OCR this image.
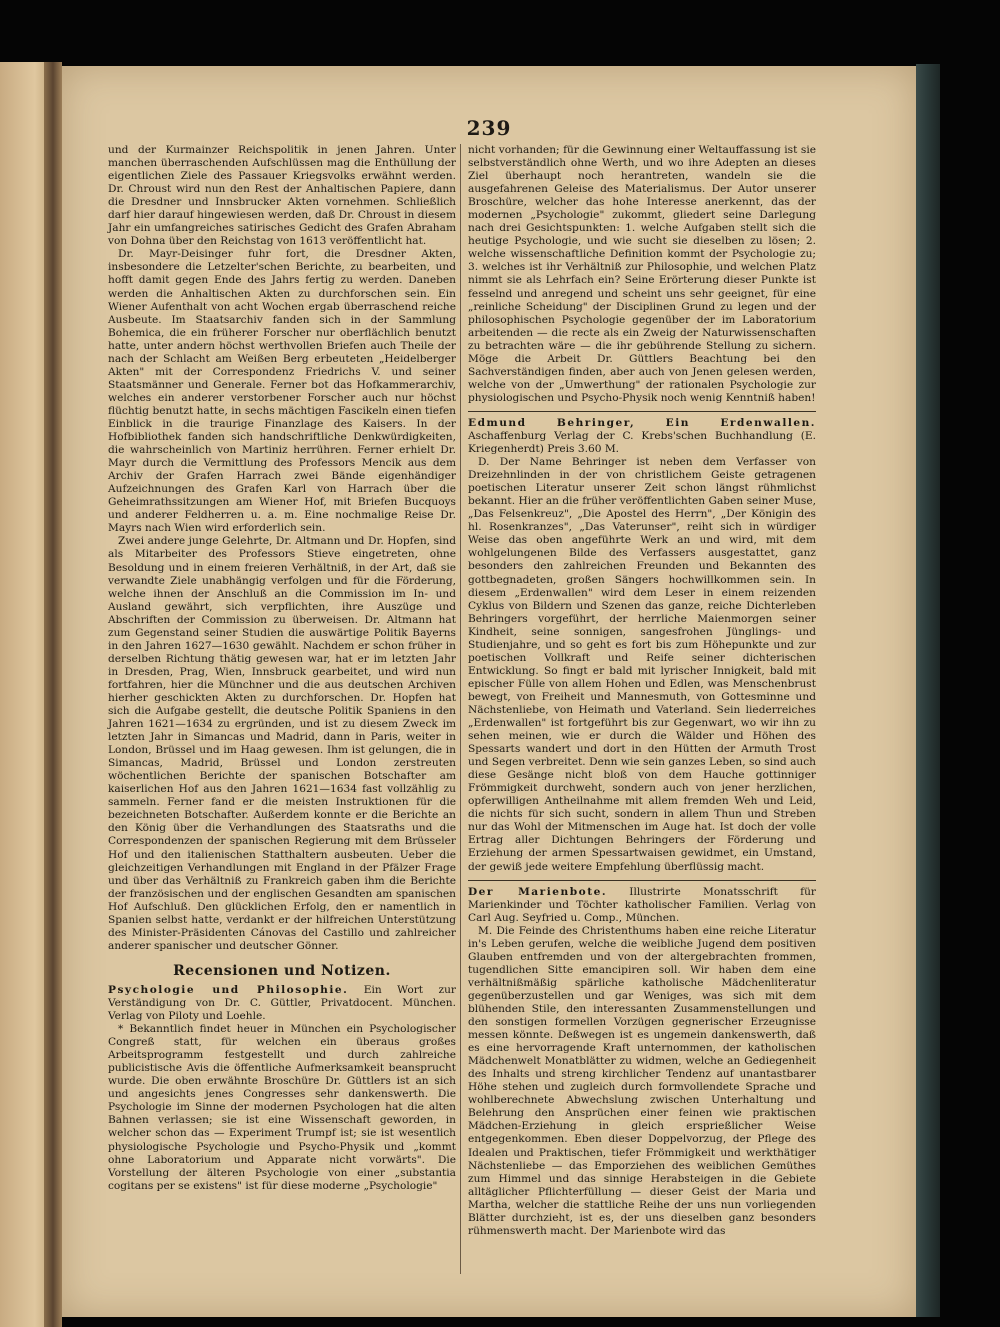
239

und der Kurmainzer Reichspolitik in jenen Jahren. Unter manchen überraschenden Aufschlüssen mag die Enthüllung der eigentlichen Ziele des Passauer Kriegsvolks erwähnt werden. Dr. Chroust wird nun den Rest der Anhaltischen Papiere, dann die Dresdner und Innsbrucker Akten vornehmen. Schließlich darf hier darauf hingewiesen werden, daß Dr. Chroust in diesem Jahr ein umfangreiches satirisches Gedicht des Grafen Abraham von Dohna über den Reichstag von 1613 veröffentlicht hat.

Dr. Mayr-Deisinger fuhr fort, die Dresdner Akten, insbesondere die Letzelter'schen Berichte, zu bearbeiten, und hofft damit gegen Ende des Jahrs fertig zu werden. Daneben werden die Anhaltischen Akten zu durchforschen sein. Ein Wiener Aufenthalt von acht Wochen ergab überraschend reiche Ausbeute. Im Staatsarchiv fanden sich in der Sammlung Bohemica, die ein früherer Forscher nur oberflächlich benutzt hatte, unter andern höchst werthvollen Briefen auch Theile der nach der Schlacht am Weißen Berg erbeuteten „Heidelberger Akten" mit der Correspondenz Friedrichs V. und seiner Staatsmänner und Generale. Ferner bot das Hofkammerarchiv, welches ein anderer verstorbener Forscher auch nur höchst flüchtig benutzt hatte, in sechs mächtigen Fascikeln einen tiefen Einblick in die traurige Finanzlage des Kaisers. In der Hofbibliothek fanden sich handschriftliche Denkwürdigkeiten, die wahrscheinlich von Martiniz herrühren. Ferner erhielt Dr. Mayr durch die Vermittlung des Professors Mencik aus dem Archiv der Grafen Harrach zwei Bände eigenhändiger Aufzeichnungen des Grafen Karl von Harrach über die Geheimrathssitzungen am Wiener Hof, mit Briefen Bucquoys und anderer Feldherren u. a. m. Eine nochmalige Reise Dr. Mayrs nach Wien wird erforderlich sein.

Zwei andere junge Gelehrte, Dr. Altmann und Dr. Hopfen, sind als Mitarbeiter des Professors Stieve eingetreten, ohne Besoldung und in einem freieren Verhältniß, in der Art, daß sie verwandte Ziele unabhängig verfolgen und für die Förderung, welche ihnen der Anschluß an die Commission im In- und Ausland gewährt, sich verpflichten, ihre Auszüge und Abschriften der Commission zu überweisen. Dr. Altmann hat zum Gegenstand seiner Studien die auswärtige Politik Bayerns in den Jahren 1627—1630 gewählt. Nachdem er schon früher in derselben Richtung thätig gewesen war, hat er im letzten Jahr in Dresden, Prag, Wien, Innsbruck gearbeitet, und wird nun fortfahren, hier die Münchner und die aus deutschen Archiven hierher geschickten Akten zu durchforschen. Dr. Hopfen hat sich die Aufgabe gestellt, die deutsche Politik Spaniens in den Jahren 1621—1634 zu ergründen, und ist zu diesem Zweck im letzten Jahr in Simancas und Madrid, dann in Paris, weiter in London, Brüssel und im Haag gewesen. Ihm ist gelungen, die in Simancas, Madrid, Brüssel und London zerstreuten wöchentlichen Berichte der spanischen Botschafter am kaiserlichen Hof aus den Jahren 1621—1634 fast vollzählig zu sammeln. Ferner fand er die meisten Instruktionen für die bezeichneten Botschafter. Außerdem konnte er die Berichte an den König über die Verhandlungen des Staatsraths und die Correspondenzen der spanischen Regierung mit dem Brüsseler Hof und den italienischen Statthaltern ausbeuten. Ueber die gleichzeitigen Verhandlungen mit England in der Pfälzer Frage und über das Verhältniß zu Frankreich gaben ihm die Berichte der französischen und der englischen Gesandten am spanischen Hof Aufschluß. Den glücklichen Erfolg, den er namentlich in Spanien selbst hatte, verdankt er der hilfreichen Unterstützung des Minister-Präsidenten Cánovas del Castillo und zahlreicher anderer spanischer und deutscher Gönner.

Recensionen und Notizen.
Psychologie und Philosophie. Ein Wort zur Verständigung von Dr. C. Güttler, Privatdocent. München. Verlag von Piloty und Loehle.

* Bekanntlich findet heuer in München ein Psychologischer Congreß statt, für welchen ein überaus großes Arbeitsprogramm festgestellt und durch zahlreiche publicistische Avis die öffentliche Aufmerksamkeit beansprucht wurde. Die oben erwähnte Broschüre Dr. Güttlers ist an sich und angesichts jenes Congresses sehr dankenswerth. Die Psychologie im Sinne der modernen Psychologen hat die alten Bahnen verlassen; sie ist eine Wissenschaft geworden, in welcher schon das — Experiment Trumpf ist; sie ist wesentlich physiologische Psychologie und Psycho-Physik und „kommt ohne Laboratorium und Apparate nicht vorwärts". Die Vorstellung der älteren Psychologie von einer „substantia cogitans per se existens" ist für diese moderne „Psychologie"

nicht vorhanden; für die Gewinnung einer Weltauffassung ist sie selbstverständlich ohne Werth, und wo ihre Adepten an dieses Ziel überhaupt noch herantreten, wandeln sie die ausgefahrenen Geleise des Materialismus. Der Autor unserer Broschüre, welcher das hohe Interesse anerkennt, das der modernen „Psychologie" zukommt, gliedert seine Darlegung nach drei Gesichtspunkten: 1. welche Aufgaben stellt sich die heutige Psychologie, und wie sucht sie dieselben zu lösen; 2. welche wissenschaftliche Definition kommt der Psychologie zu; 3. welches ist ihr Verhältniß zur Philosophie, und welchen Platz nimmt sie als Lehrfach ein? Seine Erörterung dieser Punkte ist fesselnd und anregend und scheint uns sehr geeignet, für eine „reinliche Scheidung" der Disciplinen Grund zu legen und der philosophischen Psychologie gegenüber der im Laboratorium arbeitenden — die recte als ein Zweig der Naturwissenschaften zu betrachten wäre — die ihr gebührende Stellung zu sichern. Möge die Arbeit Dr. Güttlers Beachtung bei den Sachverständigen finden, aber auch von Jenen gelesen werden, welche von der „Umwerthung" der rationalen Psychologie zur physiologischen und Psycho-Physik noch wenig Kenntniß haben!

Edmund Behringer, Ein Erdenwallen. Aschaffenburg Verlag der C. Krebs'schen Buchhandlung (E. Kriegenherdt) Preis 3.60 M.

D. Der Name Behringer ist neben dem Verfasser von Dreizehnlinden in der von christlichem Geiste getragenen poetischen Literatur unserer Zeit schon längst rühmlichst bekannt. Hier an die früher veröffentlichten Gaben seiner Muse, „Das Felsenkreuz", „Die Apostel des Herrn", „Der Königin des hl. Rosenkranzes", „Das Vaterunser", reiht sich in würdiger Weise das oben angeführte Werk an und wird, mit dem wohlgelungenen Bilde des Verfassers ausgestattet, ganz besonders den zahlreichen Freunden und Bekannten des gottbegnadeten, großen Sängers hochwillkommen sein. In diesem „Erdenwallen" wird dem Leser in einem reizenden Cyklus von Bildern und Szenen das ganze, reiche Dichterleben Behringers vorgeführt, der herrliche Maienmorgen seiner Kindheit, seine sonnigen, sangesfrohen Jünglings- und Studienjahre, und so geht es fort bis zum Höhepunkte und zur poetischen Vollkraft und Reife seiner dichterischen Entwicklung. So fingt er bald mit lyrischer Innigkeit, bald mit epischer Fülle von allem Hohen und Edlen, was Menschenbrust bewegt, von Freiheit und Mannesmuth, von Gottesminne und Nächstenliebe, von Heimath und Vaterland. Sein liederreiches „Erdenwallen" ist fortgeführt bis zur Gegenwart, wo wir ihn zu sehen meinen, wie er durch die Wälder und Höhen des Spessarts wandert und dort in den Hütten der Armuth Trost und Segen verbreitet. Denn wie sein ganzes Leben, so sind auch diese Gesänge nicht bloß von dem Hauche gottinniger Frömmigkeit durchweht, sondern auch von jener herzlichen, opferwilligen Antheilnahme mit allem fremden Weh und Leid, die nichts für sich sucht, sondern in allem Thun und Streben nur das Wohl der Mitmenschen im Auge hat. Ist doch der volle Ertrag aller Dichtungen Behringers der Förderung und Erziehung der armen Spessartwaisen gewidmet, ein Umstand, der gewiß jede weitere Empfehlung überflüssig macht.

Der Marienbote. Illustrirte Monatsschrift für Marienkinder und Töchter katholischer Familien. Verlag von Carl Aug. Seyfried u. Comp., München.

M. Die Feinde des Christenthums haben eine reiche Literatur in's Leben gerufen, welche die weibliche Jugend dem positiven Glauben entfremden und von der altergebrachten frommen, tugendlichen Sitte emancipiren soll. Wir haben dem eine verhältnißmäßig spärliche katholische Mädchenliteratur gegenüberzustellen und gar Weniges, was sich mit dem blühenden Stile, den interessanten Zusammenstellungen und den sonstigen formellen Vorzügen gegnerischer Erzeugnisse messen könnte. Deßwegen ist es ungemein dankenswerth, daß es eine hervorragende Kraft unternommen, der katholischen Mädchenwelt Monatblätter zu widmen, welche an Gediegenheit des Inhalts und streng kirchlicher Tendenz auf unantastbarer Höhe stehen und zugleich durch formvollendete Sprache und wohlberechnete Abwechslung zwischen Unterhaltung und Belehrung den Ansprüchen einer feinen wie praktischen Mädchen-Erziehung in gleich ersprießlicher Weise entgegenkommen. Eben dieser Doppelvorzug, der Pflege des Idealen und Praktischen, tiefer Frömmigkeit und werkthätiger Nächstenliebe — das Emporziehen des weiblichen Gemüthes zum Himmel und das sinnige Herabsteigen in die Gebiete alltäglicher Pflichterfüllung — dieser Geist der Maria und Martha, welcher die stattliche Reihe der uns nun vorliegenden Blätter durchzieht, ist es, der uns dieselben ganz besonders rühmenswerth macht. Der Marienbote wird das
